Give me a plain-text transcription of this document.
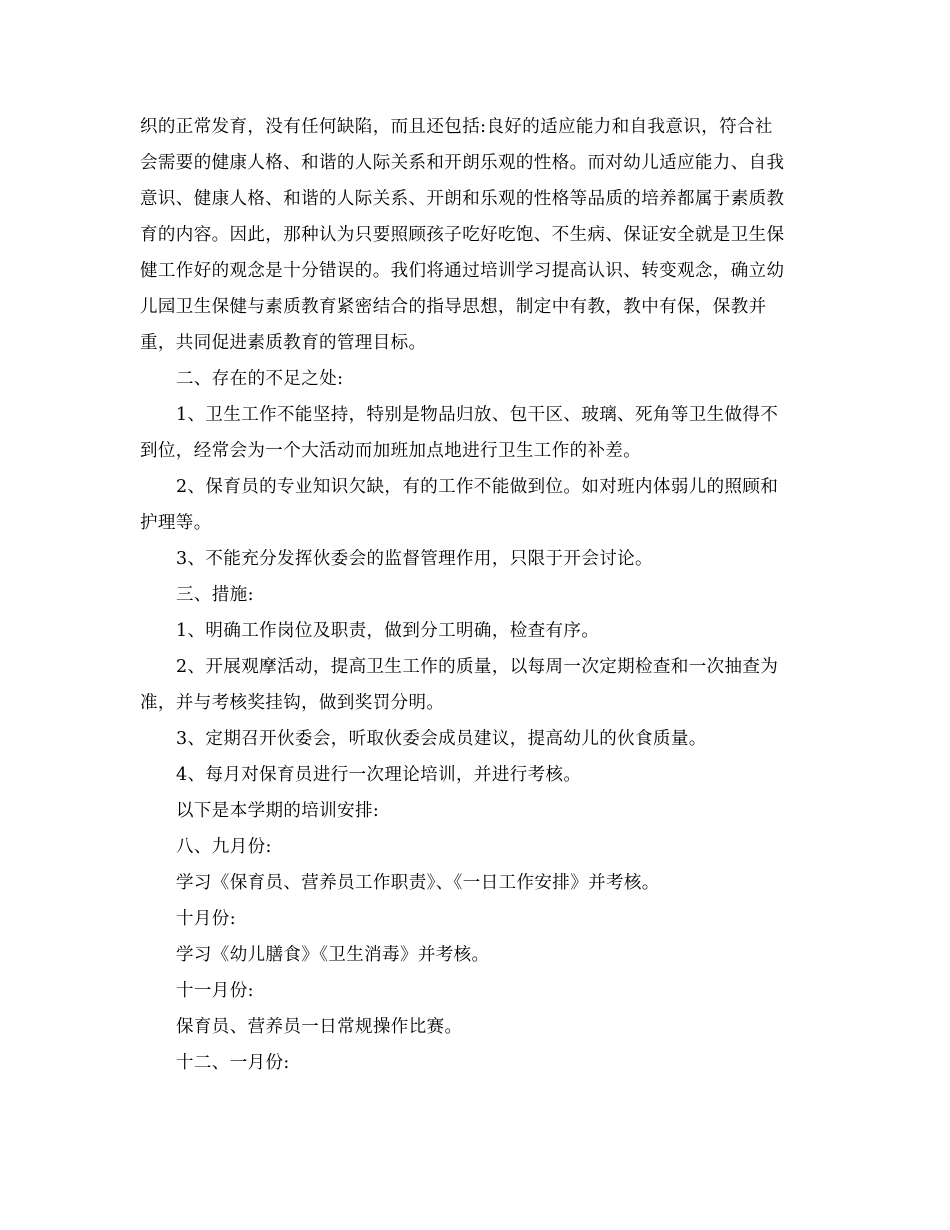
织的正常发育，没有任何缺陷，而且还包括:良好的适应能力和自我意识，符合社
会需要的健康人格、和谐的人际关系和开朗乐观的性格。而对幼儿适应能力、自我
意识、健康人格、和谐的人际关系、开朗和乐观的性格等品质的培养都属于素质教
育的内容。因此，那种认为只要照顾孩子吃好吃饱、不生病、保证安全就是卫生保
健工作好的观念是十分错误的。我们将通过培训学习提高认识、转变观念，确立幼
儿园卫生保健与素质教育紧密结合的指导思想，制定中有教，教中有保，保教并
重，共同促进素质教育的管理目标。
二、存在的不足之处:
1、卫生工作不能坚持，特别是物品归放、包干区、玻璃、死角等卫生做得不
到位，经常会为一个大活动而加班加点地进行卫生工作的补差。
2、保育员的专业知识欠缺，有的工作不能做到位。如对班内体弱儿的照顾和
护理等。
3、不能充分发挥伙委会的监督管理作用，只限于开会讨论。
三、措施:
1、明确工作岗位及职责，做到分工明确，检查有序。
2、开展观摩活动，提高卫生工作的质量，以每周一次定期检查和一次抽查为
准，并与考核奖挂钩，做到奖罚分明。
3、定期召开伙委会，听取伙委会成员建议，提高幼儿的伙食质量。
4、每月对保育员进行一次理论培训，并进行考核。
以下是本学期的培训安排:
八、九月份:
学习《保育员、营养员工作职责》、《一日工作安排》并考核。
十月份:
学习《幼儿膳食》《卫生消毒》并考核。
十一月份:
保育员、营养员一日常规操作比赛。
十二、一月份:
